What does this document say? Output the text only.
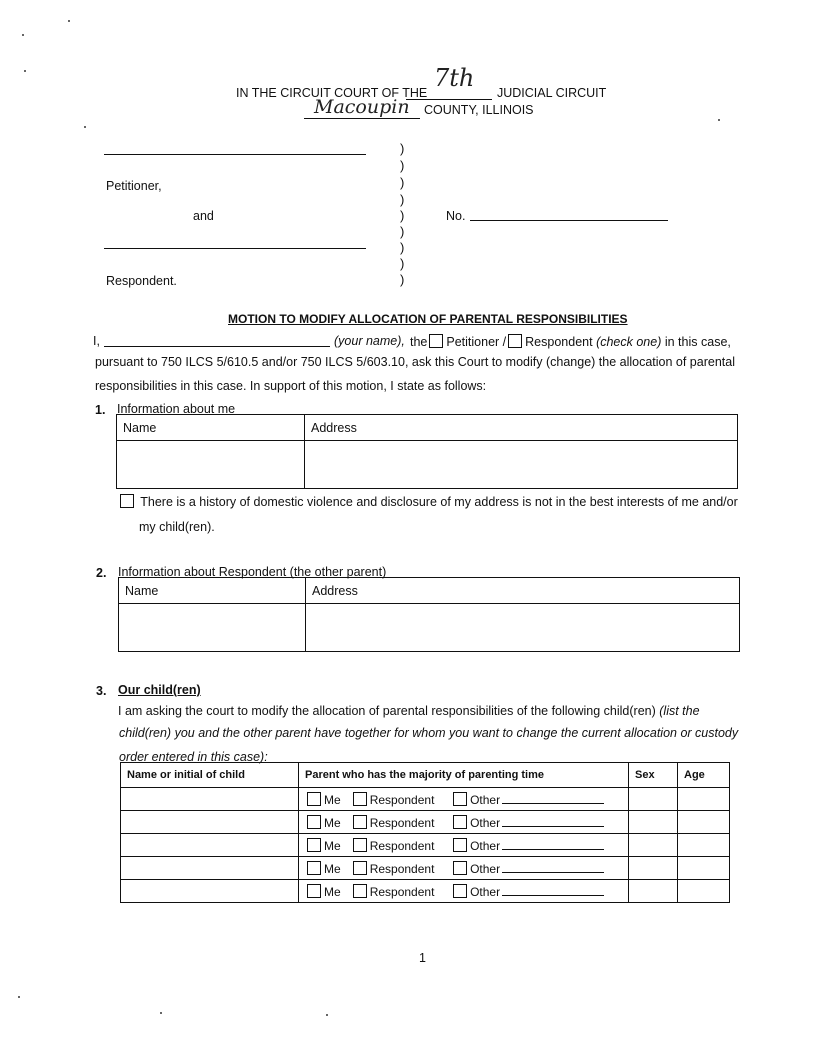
IN THE CIRCUIT COURT OF THE
7th
JUDICIAL CIRCUIT
Macoupin COUNTY, ILLINOIS
Petitioner,
and
Respondent.
)
)
)
)
)
)
)
)
)
No.
MOTION TO MODIFY ALLOCATION OF PARENTAL RESPONSIBILITIES
I,	(your name), the Petitioner / Respondent (check one) in this case,
pursuant to 750 ILCS 5/610.5 and/or 750 ILCS 5/603.10, ask this Court to modify (change) the allocation of parental
responsibilities in this case. In support of this motion, I state as follows:
1. Information about me
Name	Address

There is a history of domestic violence and disclosure of my address is not in the best interests of me and/or
my child(ren).
2. Information about Respondent (the other parent)
Name	Address

3. Our child(ren)
I am asking the court to modify the allocation of parental responsibilities of the following child(ren) (list the
child(ren) you and the other parent have together for whom you want to change the current allocation or custody
order entered in this case):
Name or initial of child	Parent who has the majority of parenting time	Sex	Age
	Me Respondent Other		
	Me Respondent Other		
	Me Respondent Other		
	Me Respondent Other		
	Me Respondent Other		
1
